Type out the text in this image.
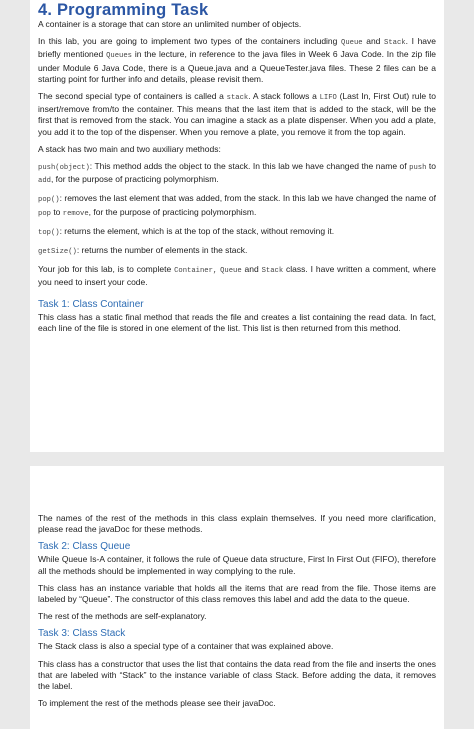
4. Programming Task

A container is a storage that can store an unlimited number of objects.

In this lab, you are going to implement two types of the containers including Queue and Stack. I have briefly mentioned Queues in the lecture, in reference to the java files in Week 6 Java Code. In the zip file under Module 6 Java Code, there is a Queue.java and a QueueTester.java files. These 2 files can be a starting point for further info and details, please revisit them.

The second special type of containers is called a stack. A stack follows a LIFO (Last In, First Out) rule to insert/remove from/to the container. This means that the last item that is added to the stack, will be the first that is removed from the stack. You can imagine a stack as a plate dispenser. When you add a plate, you add it to the top of the dispenser. When you remove a plate, you remove it from the top again.

A stack has two main and two auxiliary methods:

push(object): This method adds the object to the stack. In this lab we have changed the name of push to add, for the purpose of practicing polymorphism.

pop(): removes the last element that was added, from the stack. In this lab we have changed the name of pop to remove, for the purpose of practicing polymorphism.

top(): returns the element, which is at the top of the stack, without removing it.

getSize(): returns the number of elements in the stack.

Your job for this lab, is to complete Container, Queue and Stack class. I have written a comment, where you need to insert your code.

Task 1: Class Container

This class has a static final method that reads the file and creates a list containing the read data. In fact, each line of the file is stored in one element of the list. This list is then returned from this method.

The names of the rest of the methods in this class explain themselves. If you need more clarification, please read the javaDoc for these methods.

Task 2: Class Queue

While Queue Is-A container, it follows the rule of Queue data structure, First In First Out (FIFO), therefore all the methods should be implemented in way complying to the rule.

This class has an instance variable that holds all the items that are read from the file. Those items are labeled by “Queue”. The constructor of this class removes this label and add the data to the queue.

The rest of the methods are self-explanatory.

Task 3: Class Stack

The Stack class is also a special type of a container that was explained above.

This class has a constructor that uses the list that contains the data read from the file and inserts the ones that are labeled with “Stack” to the instance variable of class Stack. Before adding the data, it removes the label.

To implement the rest of the methods please see their javaDoc.
